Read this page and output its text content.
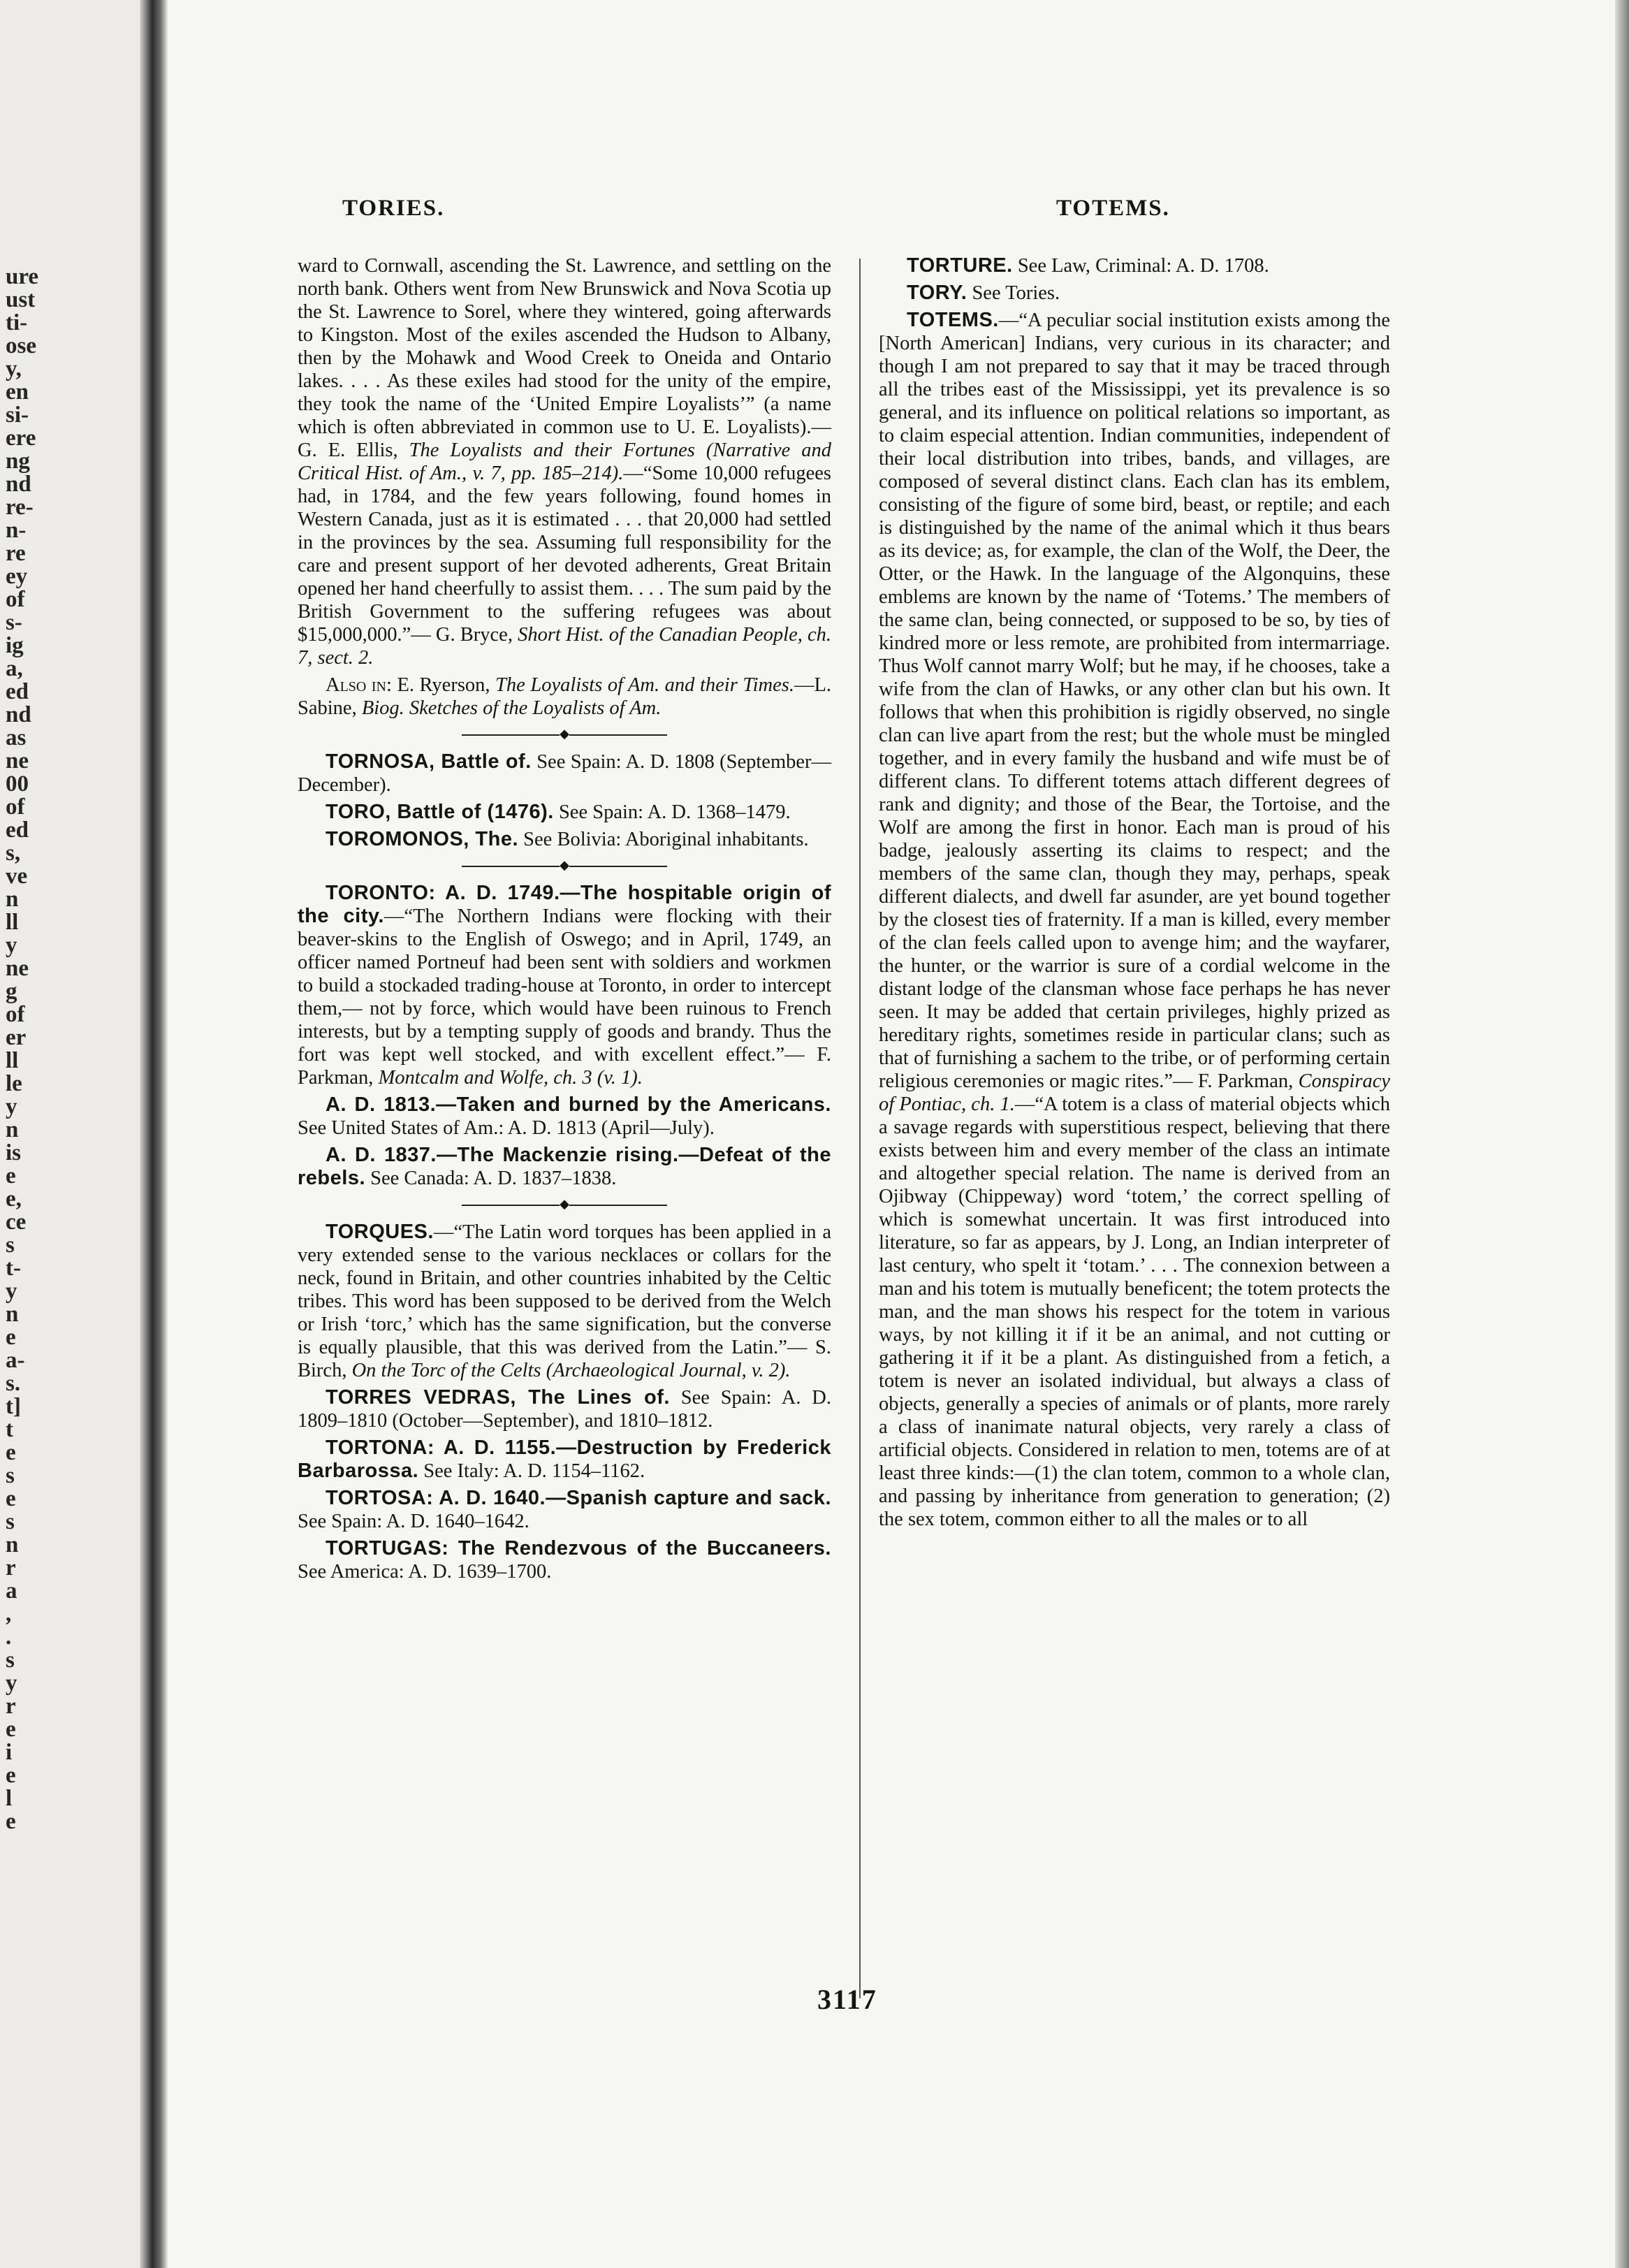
ure
ust
ti-
ose
y,
en
si-
ere
ng
nd
re-
n-
re
ey
of
s-
ig
a,
ed
nd
as
ne
00
of
ed
s,
ve
n
ll
y
ne
g
of
er
ll
le
y
n
is
e
e,
ce
s
t-
y
n
e
a-
s.
t]
t
e
s
e
s
n
r
a
,
.
s
y
r
e
i
e
l
e
TORIES.	TOTEMS.

ward to Cornwall, ascending the St. Lawrence, and settling on the north bank. Others went from New Brunswick and Nova Scotia up the St. Lawrence to Sorel, where they wintered, going afterwards to Kingston. Most of the exiles ascended the Hudson to Albany, then by the Mohawk and Wood Creek to Oneida and Ontario lakes. . . . As these exiles had stood for the unity of the empire, they took the name of the ‘United Empire Loyalists’” (a name which is often abbreviated in common use to U. E. Loyalists).— G. E. Ellis, The Loyalists and their Fortunes (Narrative and Critical Hist. of Am., v. 7, pp. 185–214).—“Some 10,000 refugees had, in 1784, and the few years following, found homes in Western Canada, just as it is estimated . . . that 20,000 had settled in the provinces by the sea. Assuming full responsibility for the care and present support of her devoted adherents, Great Britain opened her hand cheerfully to assist them. . . . The sum paid by the British Government to the suffering refugees was about $15,000,000.”— G. Bryce, Short Hist. of the Canadian People, ch. 7, sect. 2.

Also in: E. Ryerson, The Loyalists of Am. and their Times.—L. Sabine, Biog. Sketches of the Loyalists of Am.

◆

TORNOSA, Battle of. See Spain: A. D. 1808 (September—December).

TORO, Battle of (1476). See Spain: A. D. 1368–1479.

TOROMONOS, The. See Bolivia: Aboriginal inhabitants.

◆

TORONTO: A. D. 1749.—The hospitable origin of the city.—“The Northern Indians were flocking with their beaver-skins to the English of Oswego; and in April, 1749, an officer named Portneuf had been sent with soldiers and workmen to build a stockaded trading-house at Toronto, in order to intercept them,— not by force, which would have been ruinous to French interests, but by a tempting supply of goods and brandy. Thus the fort was kept well stocked, and with excellent effect.”— F. Parkman, Montcalm and Wolfe, ch. 3 (v. 1).

A. D. 1813.—Taken and burned by the Americans. See United States of Am.: A. D. 1813 (April—July).

A. D. 1837.—The Mackenzie rising.—Defeat of the rebels. See Canada: A. D. 1837–1838.

◆

TORQUES.—“The Latin word torques has been applied in a very extended sense to the various necklaces or collars for the neck, found in Britain, and other countries inhabited by the Celtic tribes. This word has been supposed to be derived from the Welch or Irish ‘torc,’ which has the same signification, but the converse is equally plausible, that this was derived from the Latin.”— S. Birch, On the Torc of the Celts (Archaeological Journal, v. 2).

TORRES VEDRAS, The Lines of. See Spain: A. D. 1809–1810 (October—September), and 1810–1812.

TORTONA: A. D. 1155.—Destruction by Frederick Barbarossa. See Italy: A. D. 1154–1162.

TORTOSA: A. D. 1640.—Spanish capture and sack. See Spain: A. D. 1640–1642.

TORTUGAS: The Rendezvous of the Buccaneers. See America: A. D. 1639–1700.

TORTURE. See Law, Criminal: A. D. 1708.

TORY. See Tories.

TOTEMS.—“A peculiar social institution exists among the [North American] Indians, very curious in its character; and though I am not prepared to say that it may be traced through all the tribes east of the Mississippi, yet its prevalence is so general, and its influence on political relations so important, as to claim especial attention. Indian communities, independent of their local distribution into tribes, bands, and villages, are composed of several distinct clans. Each clan has its emblem, consisting of the figure of some bird, beast, or reptile; and each is distinguished by the name of the animal which it thus bears as its device; as, for example, the clan of the Wolf, the Deer, the Otter, or the Hawk. In the language of the Algonquins, these emblems are known by the name of ‘Totems.’ The members of the same clan, being connected, or supposed to be so, by ties of kindred more or less remote, are prohibited from intermarriage. Thus Wolf cannot marry Wolf; but he may, if he chooses, take a wife from the clan of Hawks, or any other clan but his own. It follows that when this prohibition is rigidly observed, no single clan can live apart from the rest; but the whole must be mingled together, and in every family the husband and wife must be of different clans. To different totems attach different degrees of rank and dignity; and those of the Bear, the Tortoise, and the Wolf are among the first in honor. Each man is proud of his badge, jealously asserting its claims to respect; and the members of the same clan, though they may, perhaps, speak different dialects, and dwell far asunder, are yet bound together by the closest ties of fraternity. If a man is killed, every member of the clan feels called upon to avenge him; and the wayfarer, the hunter, or the warrior is sure of a cordial welcome in the distant lodge of the clansman whose face perhaps he has never seen. It may be added that certain privileges, highly prized as hereditary rights, sometimes reside in particular clans; such as that of furnishing a sachem to the tribe, or of performing certain religious ceremonies or magic rites.”— F. Parkman, Conspiracy of Pontiac, ch. 1.—“A totem is a class of material objects which a savage regards with superstitious respect, believing that there exists between him and every member of the class an intimate and altogether special relation. The name is derived from an Ojibway (Chippeway) word ‘totem,’ the correct spelling of which is somewhat uncertain. It was first introduced into literature, so far as appears, by J. Long, an Indian interpreter of last century, who spelt it ‘totam.’ . . . The connexion between a man and his totem is mutually beneficent; the totem protects the man, and the man shows his respect for the totem in various ways, by not killing it if it be an animal, and not cutting or gathering it if it be a plant. As distinguished from a fetich, a totem is never an isolated individual, but always a class of objects, generally a species of animals or of plants, more rarely a class of inanimate natural objects, very rarely a class of artificial objects. Considered in relation to men, totems are of at least three kinds:—(1) the clan totem, common to a whole clan, and passing by inheritance from generation to generation; (2) the sex totem, common either to all the males or to all

3117
